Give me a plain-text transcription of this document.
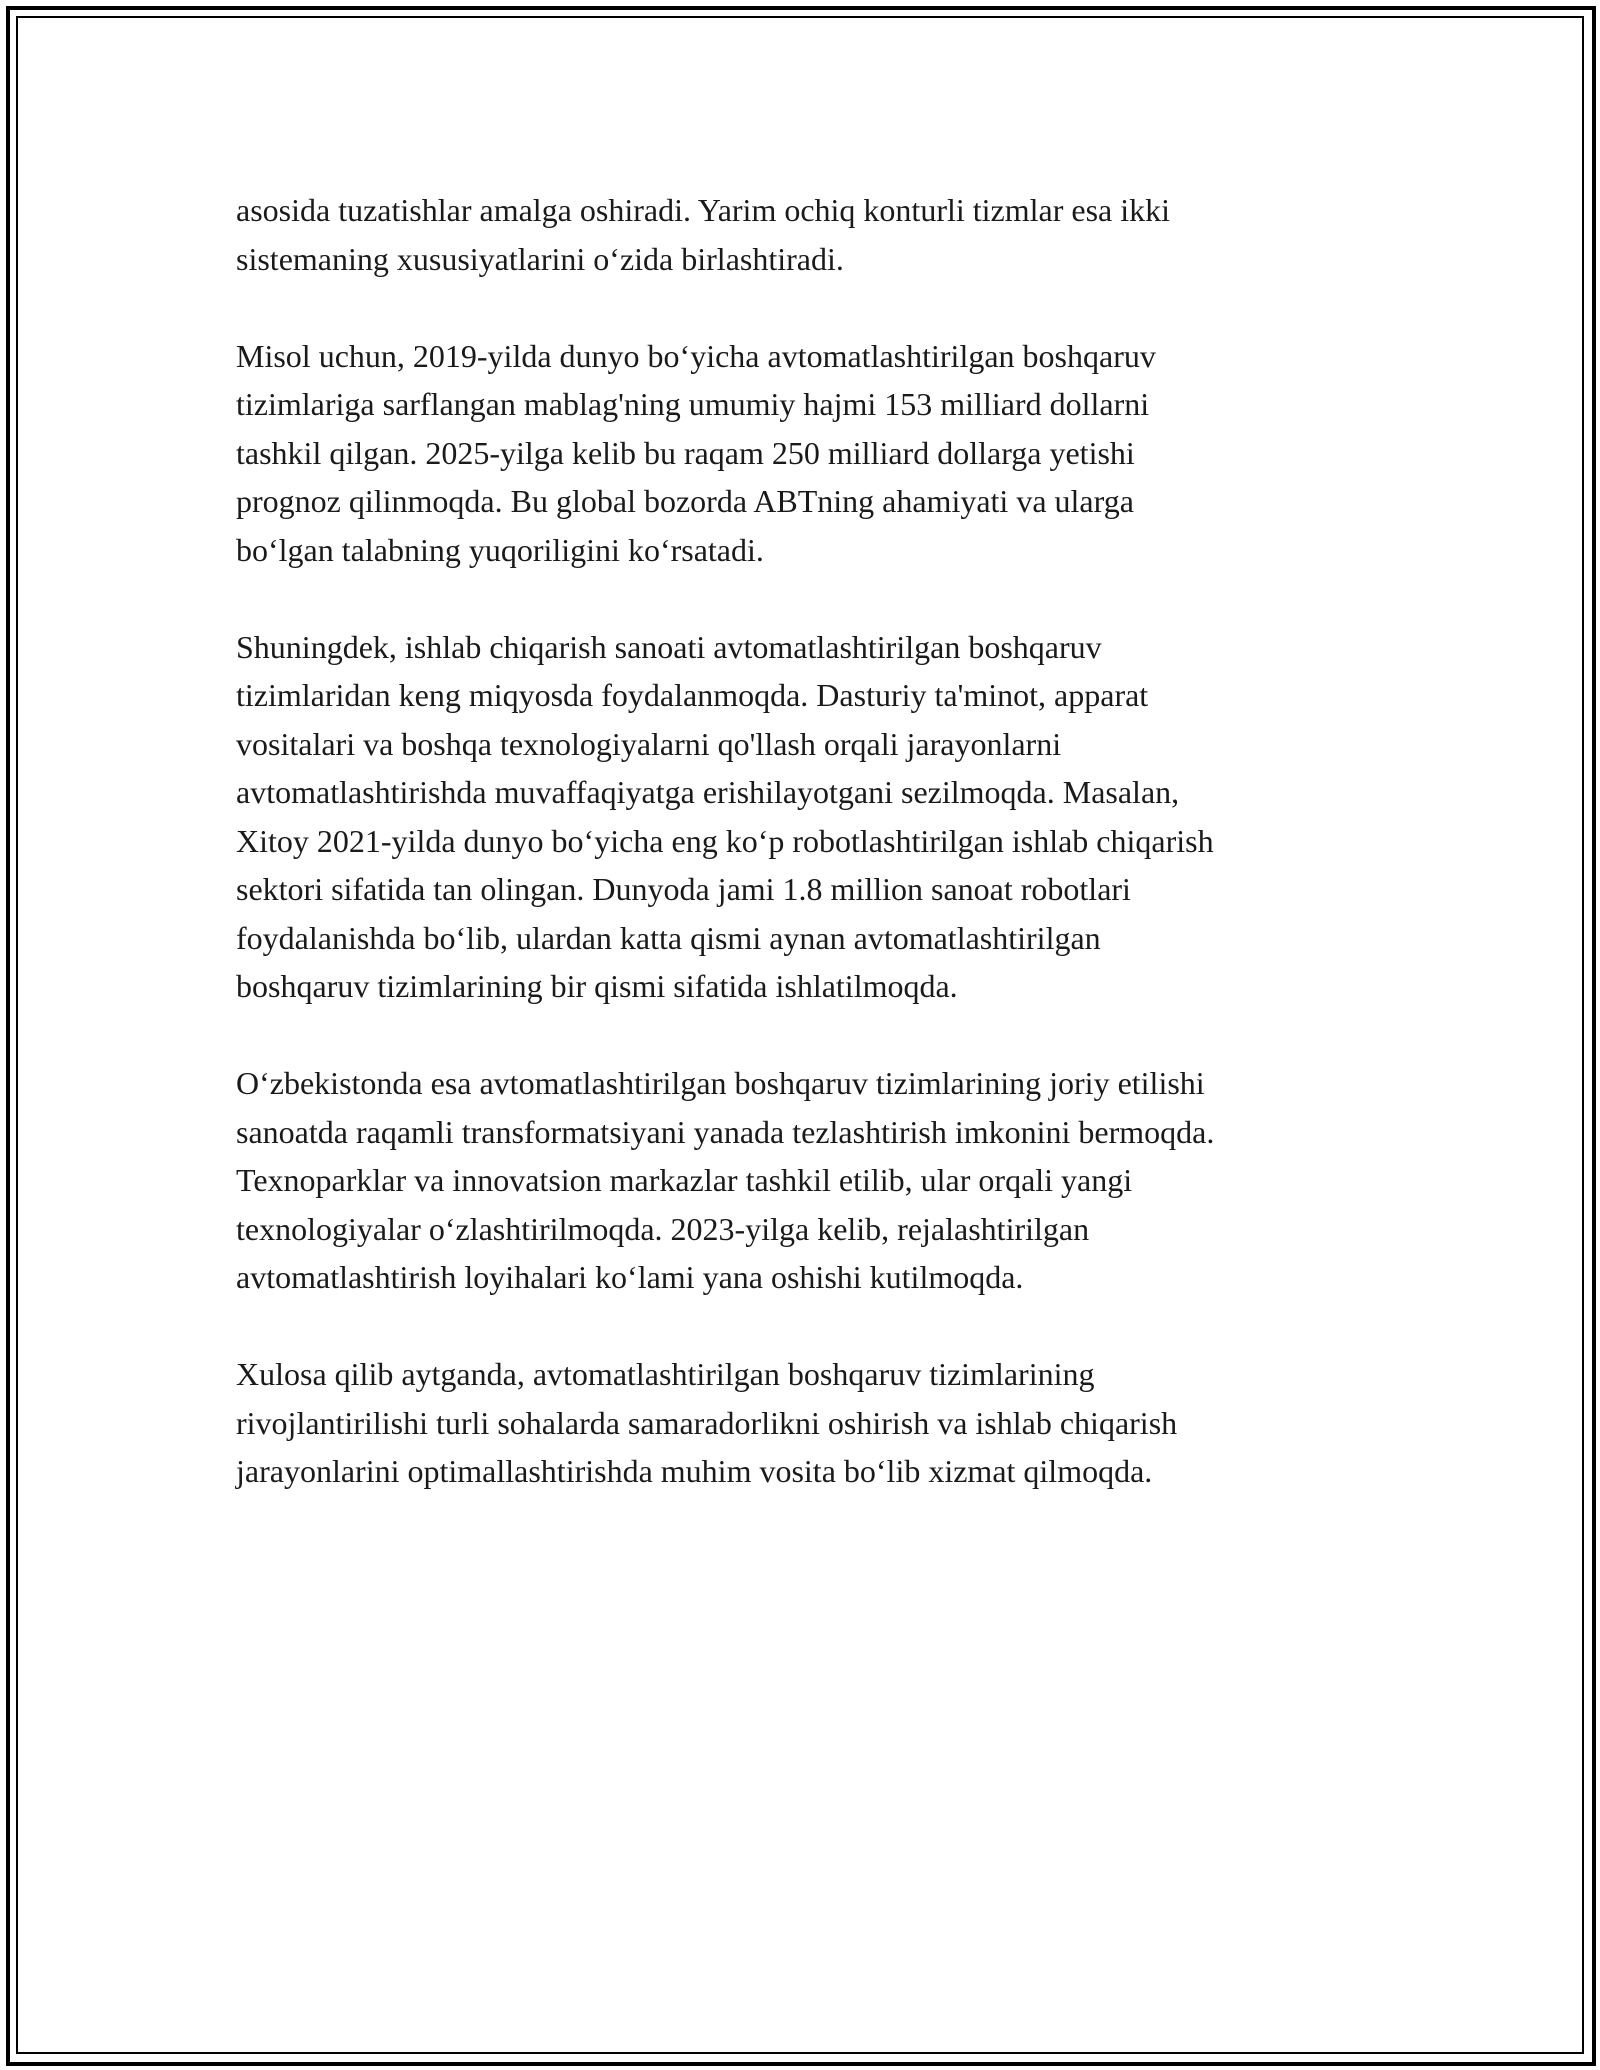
asosida tuzatishlar amalga oshiradi. Yarim ochiq konturli tizmlar esa ikki
sistemaning xususiyatlarini o‘zida birlashtiradi.

Misol uchun, 2019-yilda dunyo bo‘yicha avtomatlashtirilgan boshqaruv
tizimlariga sarflangan mablag'ning umumiy hajmi 153 milliard dollarni
tashkil qilgan. 2025-yilga kelib bu raqam 250 milliard dollarga yetishi
prognoz qilinmoqda. Bu global bozorda ABTning ahamiyati va ularga
bo‘lgan talabning yuqoriligini ko‘rsatadi.

Shuningdek, ishlab chiqarish sanoati avtomatlashtirilgan boshqaruv
tizimlaridan keng miqyosda foydalanmoqda. Dasturiy ta'minot, apparat
vositalari va boshqa texnologiyalarni qo'llash orqali jarayonlarni
avtomatlashtirishda muvaffaqiyatga erishilayotgani sezilmoqda. Masalan,
Xitoy 2021-yilda dunyo bo‘yicha eng ko‘p robotlashtirilgan ishlab chiqarish
sektori sifatida tan olingan. Dunyoda jami 1.8 million sanoat robotlari
foydalanishda bo‘lib, ulardan katta qismi aynan avtomatlashtirilgan
boshqaruv tizimlarining bir qismi sifatida ishlatilmoqda.

O‘zbekistonda esa avtomatlashtirilgan boshqaruv tizimlarining joriy etilishi
sanoatda raqamli transformatsiyani yanada tezlashtirish imkonini bermoqda.
Texnoparklar va innovatsion markazlar tashkil etilib, ular orqali yangi
texnologiyalar o‘zlashtirilmoqda. 2023-yilga kelib, rejalashtirilgan
avtomatlashtirish loyihalari ko‘lami yana oshishi kutilmoqda.

Xulosa qilib aytganda, avtomatlashtirilgan boshqaruv tizimlarining
rivojlantirilishi turli sohalarda samaradorlikni oshirish va ishlab chiqarish
jarayonlarini optimallashtirishda muhim vosita bo‘lib xizmat qilmoqda.
